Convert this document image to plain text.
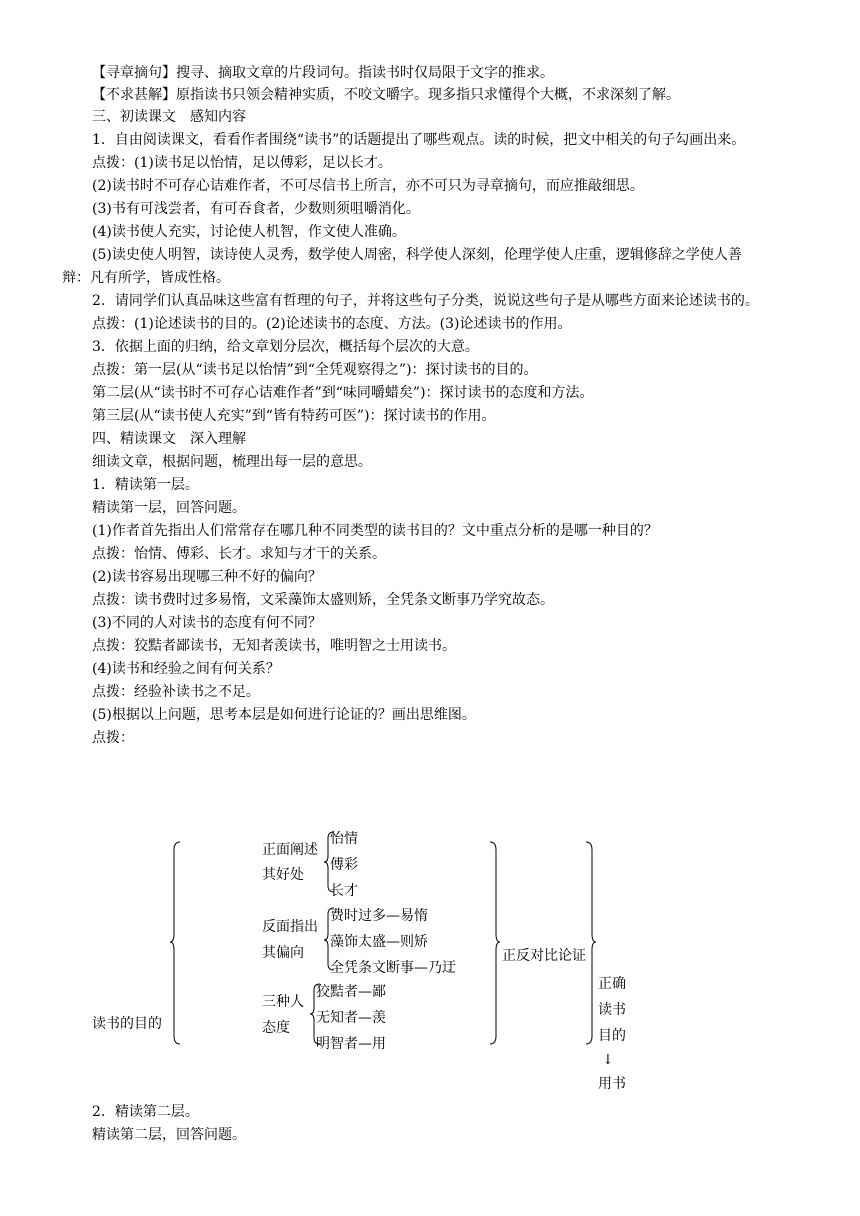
【寻章摘句】搜寻、摘取文章的片段词句。指读书时仅局限于文字的推求。
【不求甚解】原指读书只领会精神实质，不咬文嚼字。现多指只求懂得个大概，不求深刻了解。
三、初读课文　感知内容
1．自由阅读课文，看看作者围绕“读书”的话题提出了哪些观点。读的时候，把文中相关的句子勾画出来。
点拨：(1)读书足以怡情，足以傅彩，足以长才。
(2)读书时不可存心诘难作者，不可尽信书上所言，亦不可只为寻章摘句，而应推敲细思。
(3)书有可浅尝者，有可吞食者，少数则须咀嚼消化。
(4)读书使人充实，讨论使人机智，作文使人准确。
(5)读史使人明智，读诗使人灵秀，数学使人周密，科学使人深刻，伦理学使人庄重，逻辑修辞之学使人善
辩：凡有所学，皆成性格。
2．请同学们认真品味这些富有哲理的句子，并将这些句子分类，说说这些句子是从哪些方面来论述读书的。
点拨：(1)论述读书的目的。(2)论述读书的态度、方法。(3)论述读书的作用。
3．依据上面的归纳，给文章划分层次，概括每个层次的大意。
点拨：第一层(从“读书足以怡情”到“全凭观察得之”)：探讨读书的目的。
第二层(从“读书时不可存心诘难作者”到“味同嚼蜡矣”)：探讨读书的态度和方法。
第三层(从“读书使人充实”到“皆有特药可医”)：探讨读书的作用。
四、精读课文　深入理解
细读文章，根据问题，梳理出每一层的意思。
1．精读第一层。
精读第一层，回答问题。
(1)作者首先指出人们常常存在哪几种不同类型的读书目的？文中重点分析的是哪一种目的？
点拨：怡情、傅彩、长才。求知与才干的关系。
(2)读书容易出现哪三种不好的偏向？
点拨：读书费时过多易惰，文采藻饰太盛则矫，全凭条文断事乃学究故态。
(3)不同的人对读书的态度有何不同？
点拨：狡黠者鄙读书，无知者羡读书，唯明智之士用读书。
(4)读书和经验之间有何关系？
点拨：经验补读书之不足。
(5)根据以上问题，思考本层是如何进行论证的？画出思维图。
点拨：
读书的目的
正面阐述
其好处
怡情
傅彩
长才
反面指出
其偏向
费时过多—易惰
藻饰太盛—则矫
全凭条文断事—乃迂
三种人
态度
狡黠者—鄙
无知者—羡
明智者—用
正反对比论证
正确
读书
目的
↓
用书
2．精读第二层。
精读第二层，回答问题。
